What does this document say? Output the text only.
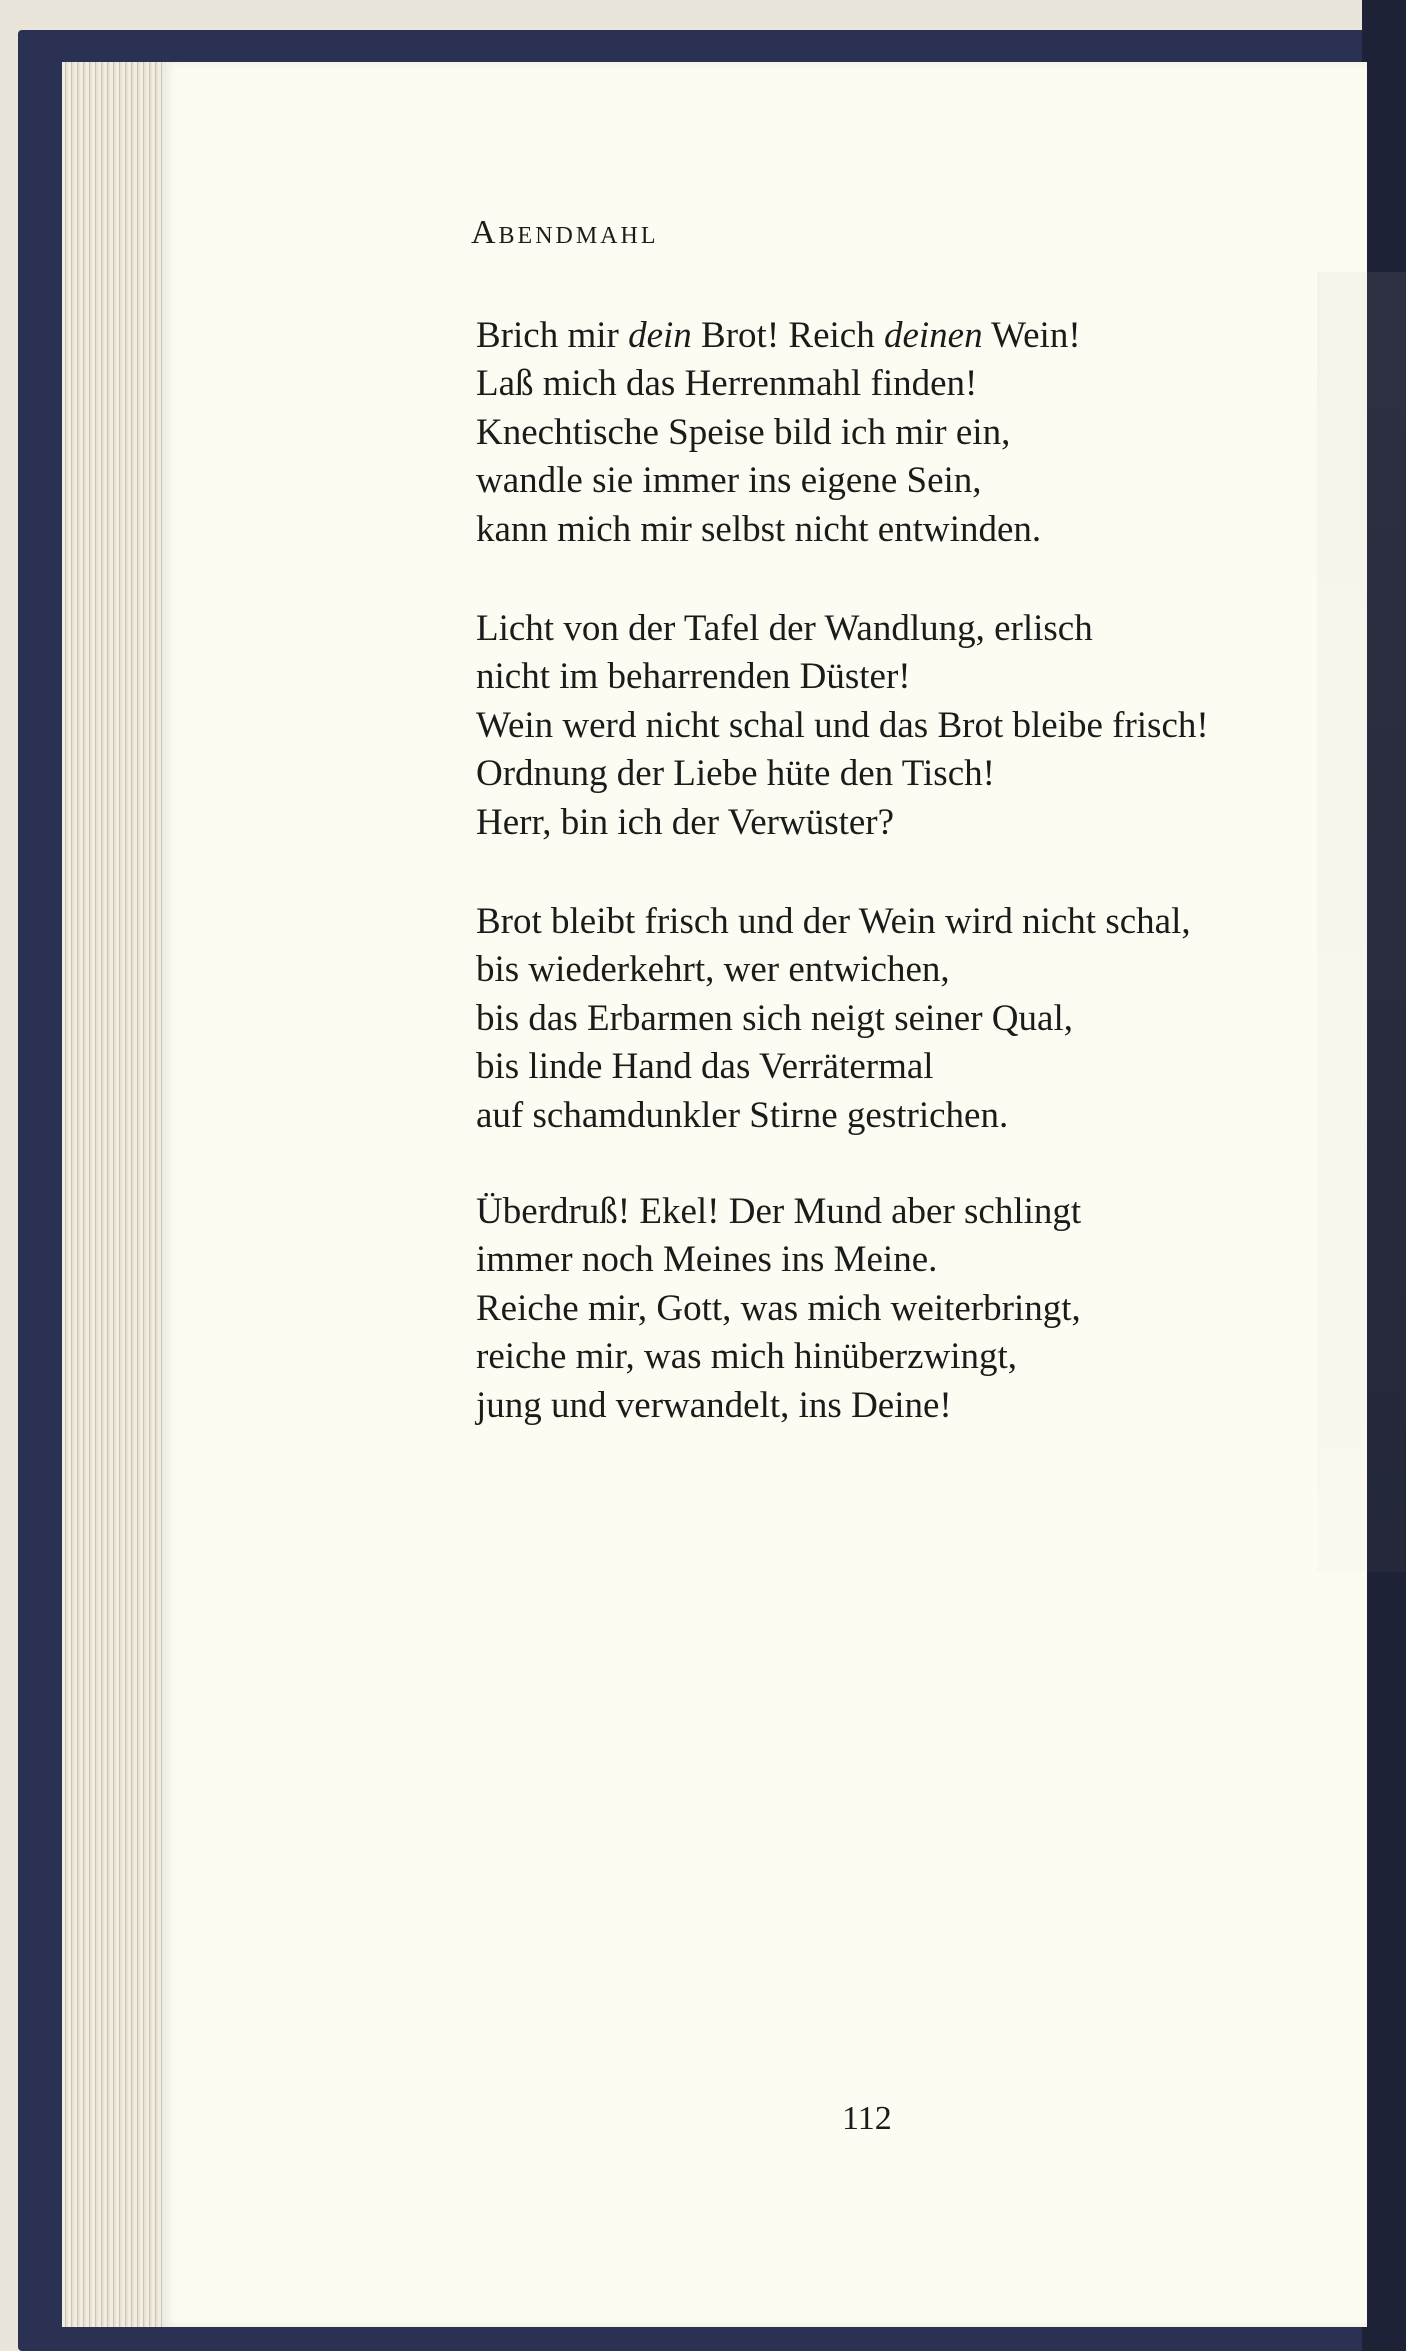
Abendmahl
Brich mir dein Brot! Reich deinen Wein!
Laß mich das Herrenmahl finden!
Knechtische Speise bild ich mir ein,
wandle sie immer ins eigene Sein,
kann mich mir selbst nicht entwinden.
Licht von der Tafel der Wandlung, erlisch
nicht im beharrenden Düster!
Wein werd nicht schal und das Brot bleibe frisch!
Ordnung der Liebe hüte den Tisch!
Herr, bin ich der Verwüster?
Brot bleibt frisch und der Wein wird nicht schal,
bis wiederkehrt, wer entwichen,
bis das Erbarmen sich neigt seiner Qual,
bis linde Hand das Verrätermal
auf schamdunkler Stirne gestrichen.
Überdruß! Ekel! Der Mund aber schlingt
immer noch Meines ins Meine.
Reiche mir, Gott, was mich weiterbringt,
reiche mir, was mich hinüberzwingt,
jung und verwandelt, ins Deine!

112
